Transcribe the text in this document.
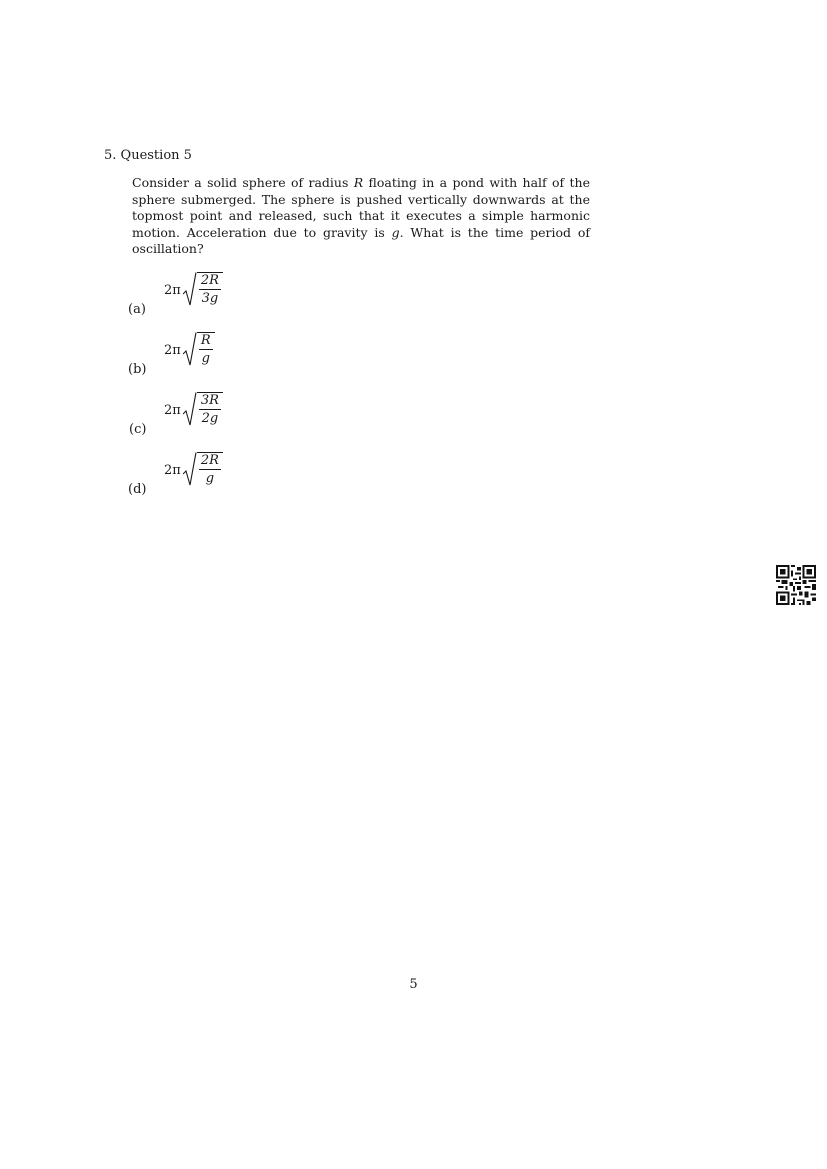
5. Question 5
Consider a solid sphere of radius R floating in a pond with half of the sphere submerged. The sphere is pushed vertically downwards at the topmost point and released, such that it executes a simple harmonic motion. Acceleration due to gravity is g. What is the time period of oscillation?
$2\pi \frac{2R}{3g}$
(a)
$2\pi \frac{R}{g}$
(b)
$2\pi \frac{3R}{2g}$
(c)
$2\pi \frac{2R}{g}$
(d)
5
